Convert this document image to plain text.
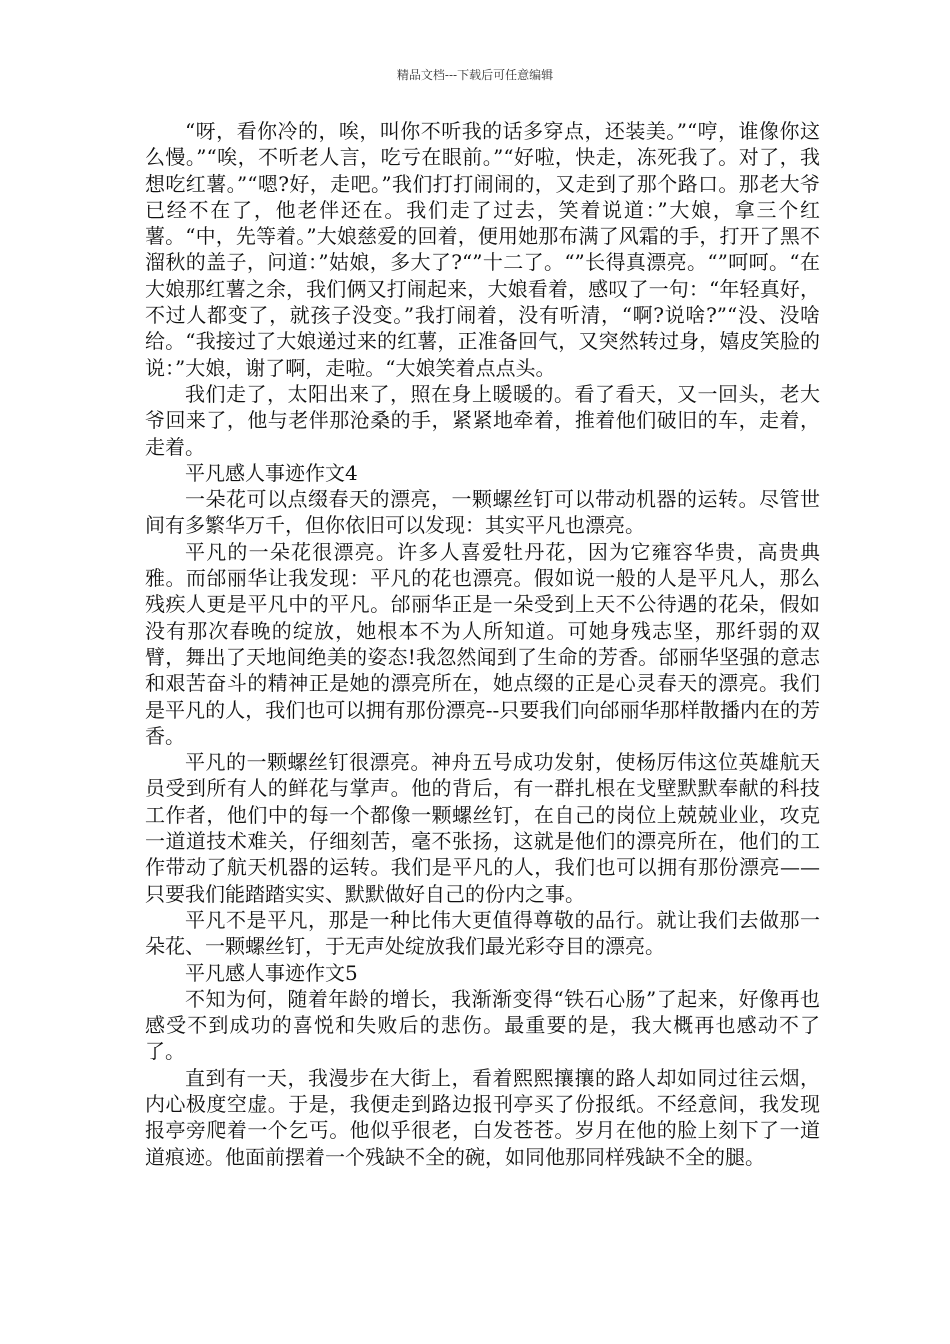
精品文档---下载后可任意编辑

“呀，看你冷的，唉，叫你不听我的话多穿点，还装美。”“哼，谁像你这么慢。”“唉，不听老人言，吃亏在眼前。”“好啦，快走，冻死我了。对了，我想吃红薯。”“嗯?好，走吧。”我们打打闹闹的，又走到了那个路口。那老大爷已经不在了，他老伴还在。我们走了过去，笑着说道：”大娘，拿三个红薯。“中，先等着。”大娘慈爱的回着，便用她那布满了风霜的手，打开了黑不溜秋的盖子，问道：”姑娘，多大了?“”十二了。“”长得真漂亮。“”呵呵。“在大娘那红薯之余，我们俩又打闹起来，大娘看着，感叹了一句：“年轻真好，不过人都变了，就孩子没变。”我打闹着，没有听清，“啊?说啥?”“没、没啥给。“我接过了大娘递过来的红薯，正准备回气，又突然转过身，嬉皮笑脸的说：”大娘，谢了啊，走啦。“大娘笑着点点头。

我们走了，太阳出来了，照在身上暖暖的。看了看天，又一回头，老大爷回来了，他与老伴那沧桑的手，紧紧地牵着，推着他们破旧的车，走着，走着。

平凡感人事迹作文4

一朵花可以点缀春天的漂亮，一颗螺丝钉可以带动机器的运转。尽管世间有多繁华万千，但你依旧可以发现：其实平凡也漂亮。

平凡的一朵花很漂亮。许多人喜爱牡丹花，因为它雍容华贵，高贵典雅。而邰丽华让我发现：平凡的花也漂亮。假如说一般的人是平凡人，那么残疾人更是平凡中的平凡。邰丽华正是一朵受到上天不公待遇的花朵，假如没有那次春晚的绽放，她根本不为人所知道。可她身残志坚，那纤弱的双臂，舞出了天地间绝美的姿态!我忽然闻到了生命的芳香。邰丽华坚强的意志和艰苦奋斗的精神正是她的漂亮所在，她点缀的正是心灵春天的漂亮。我们是平凡的人，我们也可以拥有那份漂亮--只要我们向邰丽华那样散播内在的芳香。

平凡的一颗螺丝钉很漂亮。神舟五号成功发射，使杨厉伟这位英雄航天员受到所有人的鲜花与掌声。他的背后，有一群扎根在戈壁默默奉献的科技工作者，他们中的每一个都像一颗螺丝钉，在自己的岗位上兢兢业业，攻克一道道技术难关，仔细刻苦，毫不张扬，这就是他们的漂亮所在，他们的工作带动了航天机器的运转。我们是平凡的人，我们也可以拥有那份漂亮——只要我们能踏踏实实、默默做好自己的份内之事。

平凡不是平凡，那是一种比伟大更值得尊敬的品行。就让我们去做那一朵花、一颗螺丝钉，于无声处绽放我们最光彩夺目的漂亮。

平凡感人事迹作文5

不知为何，随着年龄的增长，我渐渐变得“铁石心肠”了起来，好像再也感受不到成功的喜悦和失败后的悲伤。最重要的是，我大概再也感动不了了。

直到有一天，我漫步在大街上，看着熙熙攘攘的路人却如同过往云烟，内心极度空虚。于是，我便走到路边报刊亭买了份报纸。不经意间，我发现报亭旁爬着一个乞丐。他似乎很老，白发苍苍。岁月在他的脸上刻下了一道道痕迹。他面前摆着一个残缺不全的碗，如同他那同样残缺不全的腿。
